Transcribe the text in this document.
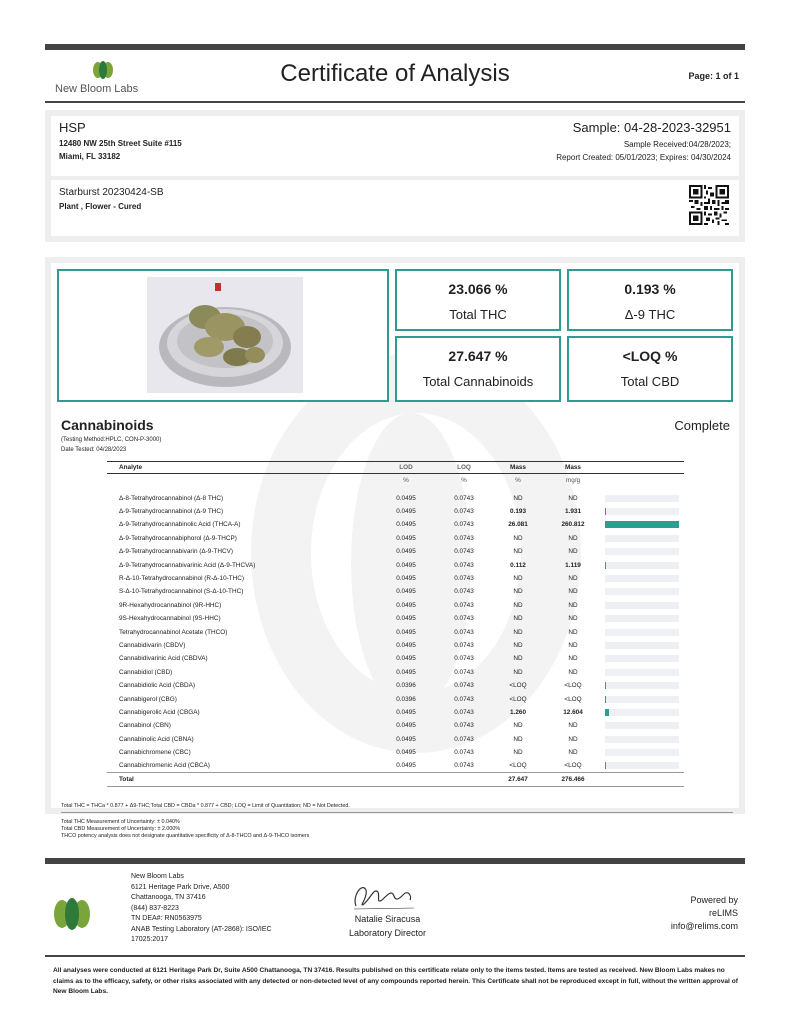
New Bloom Labs
Certificate of Analysis	Page: 1 of 1
HSP
12480 NW 25th Street Suite #115
Miami, FL 33182
Sample: 04-28-2023-32951
Sample Received:04/28/2023;
Report Created: 05/01/2023; Expires: 04/30/2024
Starburst 20230424-SB
Plant , Flower - Cured
23.066 %
Total THC
0.193 %
Δ-9 THC
27.647 %
Total Cannabinoids
<LOQ %
Total CBD
Cannabinoids	Complete
(Testing Method:HPLC, CON-P-3000)
Date Tested: 04/28/2023
Analyte	LOD	LOQ	Mass	Mass	
	%	%	%	mg/g	

Δ-8-Tetrahydrocannabinol (Δ-8 THC)	0.0495	0.0743	ND	ND	

Δ-9-Tetrahydrocannabinol (Δ-9 THC)	0.0495	0.0743	0.193	1.931	

Δ-9-Tetrahydrocannabinolic Acid (THCA-A)	0.0495	0.0743	26.081	260.812	

Δ-9-Tetrahydrocannabiphorol (Δ-9-THCP)	0.0495	0.0743	ND	ND	

Δ-9-Tetrahydrocannabivarin (Δ-9-THCV)	0.0495	0.0743	ND	ND	

Δ-9-Tetrahydrocannabivarinic Acid (Δ-9-THCVA)	0.0495	0.0743	0.112	1.119	

R-Δ-10-Tetrahydrocannabinol (R-Δ-10-THC)	0.0495	0.0743	ND	ND	

S-Δ-10-Tetrahydrocannabinol (S-Δ-10-THC)	0.0495	0.0743	ND	ND	

9R-Hexahydrocannabinol (9R-HHC)	0.0495	0.0743	ND	ND	

9S-Hexahydrocannabinol (9S-HHC)	0.0495	0.0743	ND	ND	

Tetrahydrocannabinol Acetate (THCO)	0.0495	0.0743	ND	ND	

Cannabidivarin (CBDV)	0.0495	0.0743	ND	ND	

Cannabidivarinic Acid (CBDVA)	0.0495	0.0743	ND	ND	

Cannabidiol (CBD)	0.0495	0.0743	ND	ND	

Cannabidiolic Acid (CBDA)	0.0396	0.0743	<LOQ	<LOQ	

Cannabigerol (CBG)	0.0396	0.0743	<LOQ	<LOQ	

Cannabigerolic Acid (CBGA)	0.0495	0.0743	1.260	12.604	

Cannabinol (CBN)	0.0495	0.0743	ND	ND	

Cannabinolic Acid (CBNA)	0.0495	0.0743	ND	ND	

Cannabichromene (CBC)	0.0495	0.0743	ND	ND	

Cannabichromenic Acid (CBCA)	0.0495	0.0743	<LOQ	<LOQ	

Total			27.647	276.466	
Total THC = THCa * 0.877 + Δ9-THC;Total CBD = CBDa * 0.877 + CBD; LOQ = Limit of Quantitation; ND = Not Detected.
Total THC Measurement of Uncertainty: ± 0.040%
Total CBD Measurement of Uncertainty: ± 2.000%
THCO potency analysis does not designate quantitative specificity of Δ-8-THCO and Δ-9-THCO isomers
New Bloom Labs
6121 Heritage Park Drive, A500
Chattanooga, TN 37416
(844) 837-8223
TN DEA#: RN0563975
ANAB Testing Laboratory (AT-2868): ISO/IEC
17025:2017
Natalie Siracusa
Laboratory Director
Powered by
reLIMS
info@relims.com
All analyses were conducted at 6121 Heritage Park Dr, Suite A500 Chattanooga, TN 37416. Results published on this certificate relate only to the items tested. Items are tested as received. New Bloom Labs makes no claims as to the efficacy, safety, or other risks associated with any detected or non-detected level of any compounds reported herein. This Certificate shall not be reproduced except in full, without the written approval of New Bloom Labs.
